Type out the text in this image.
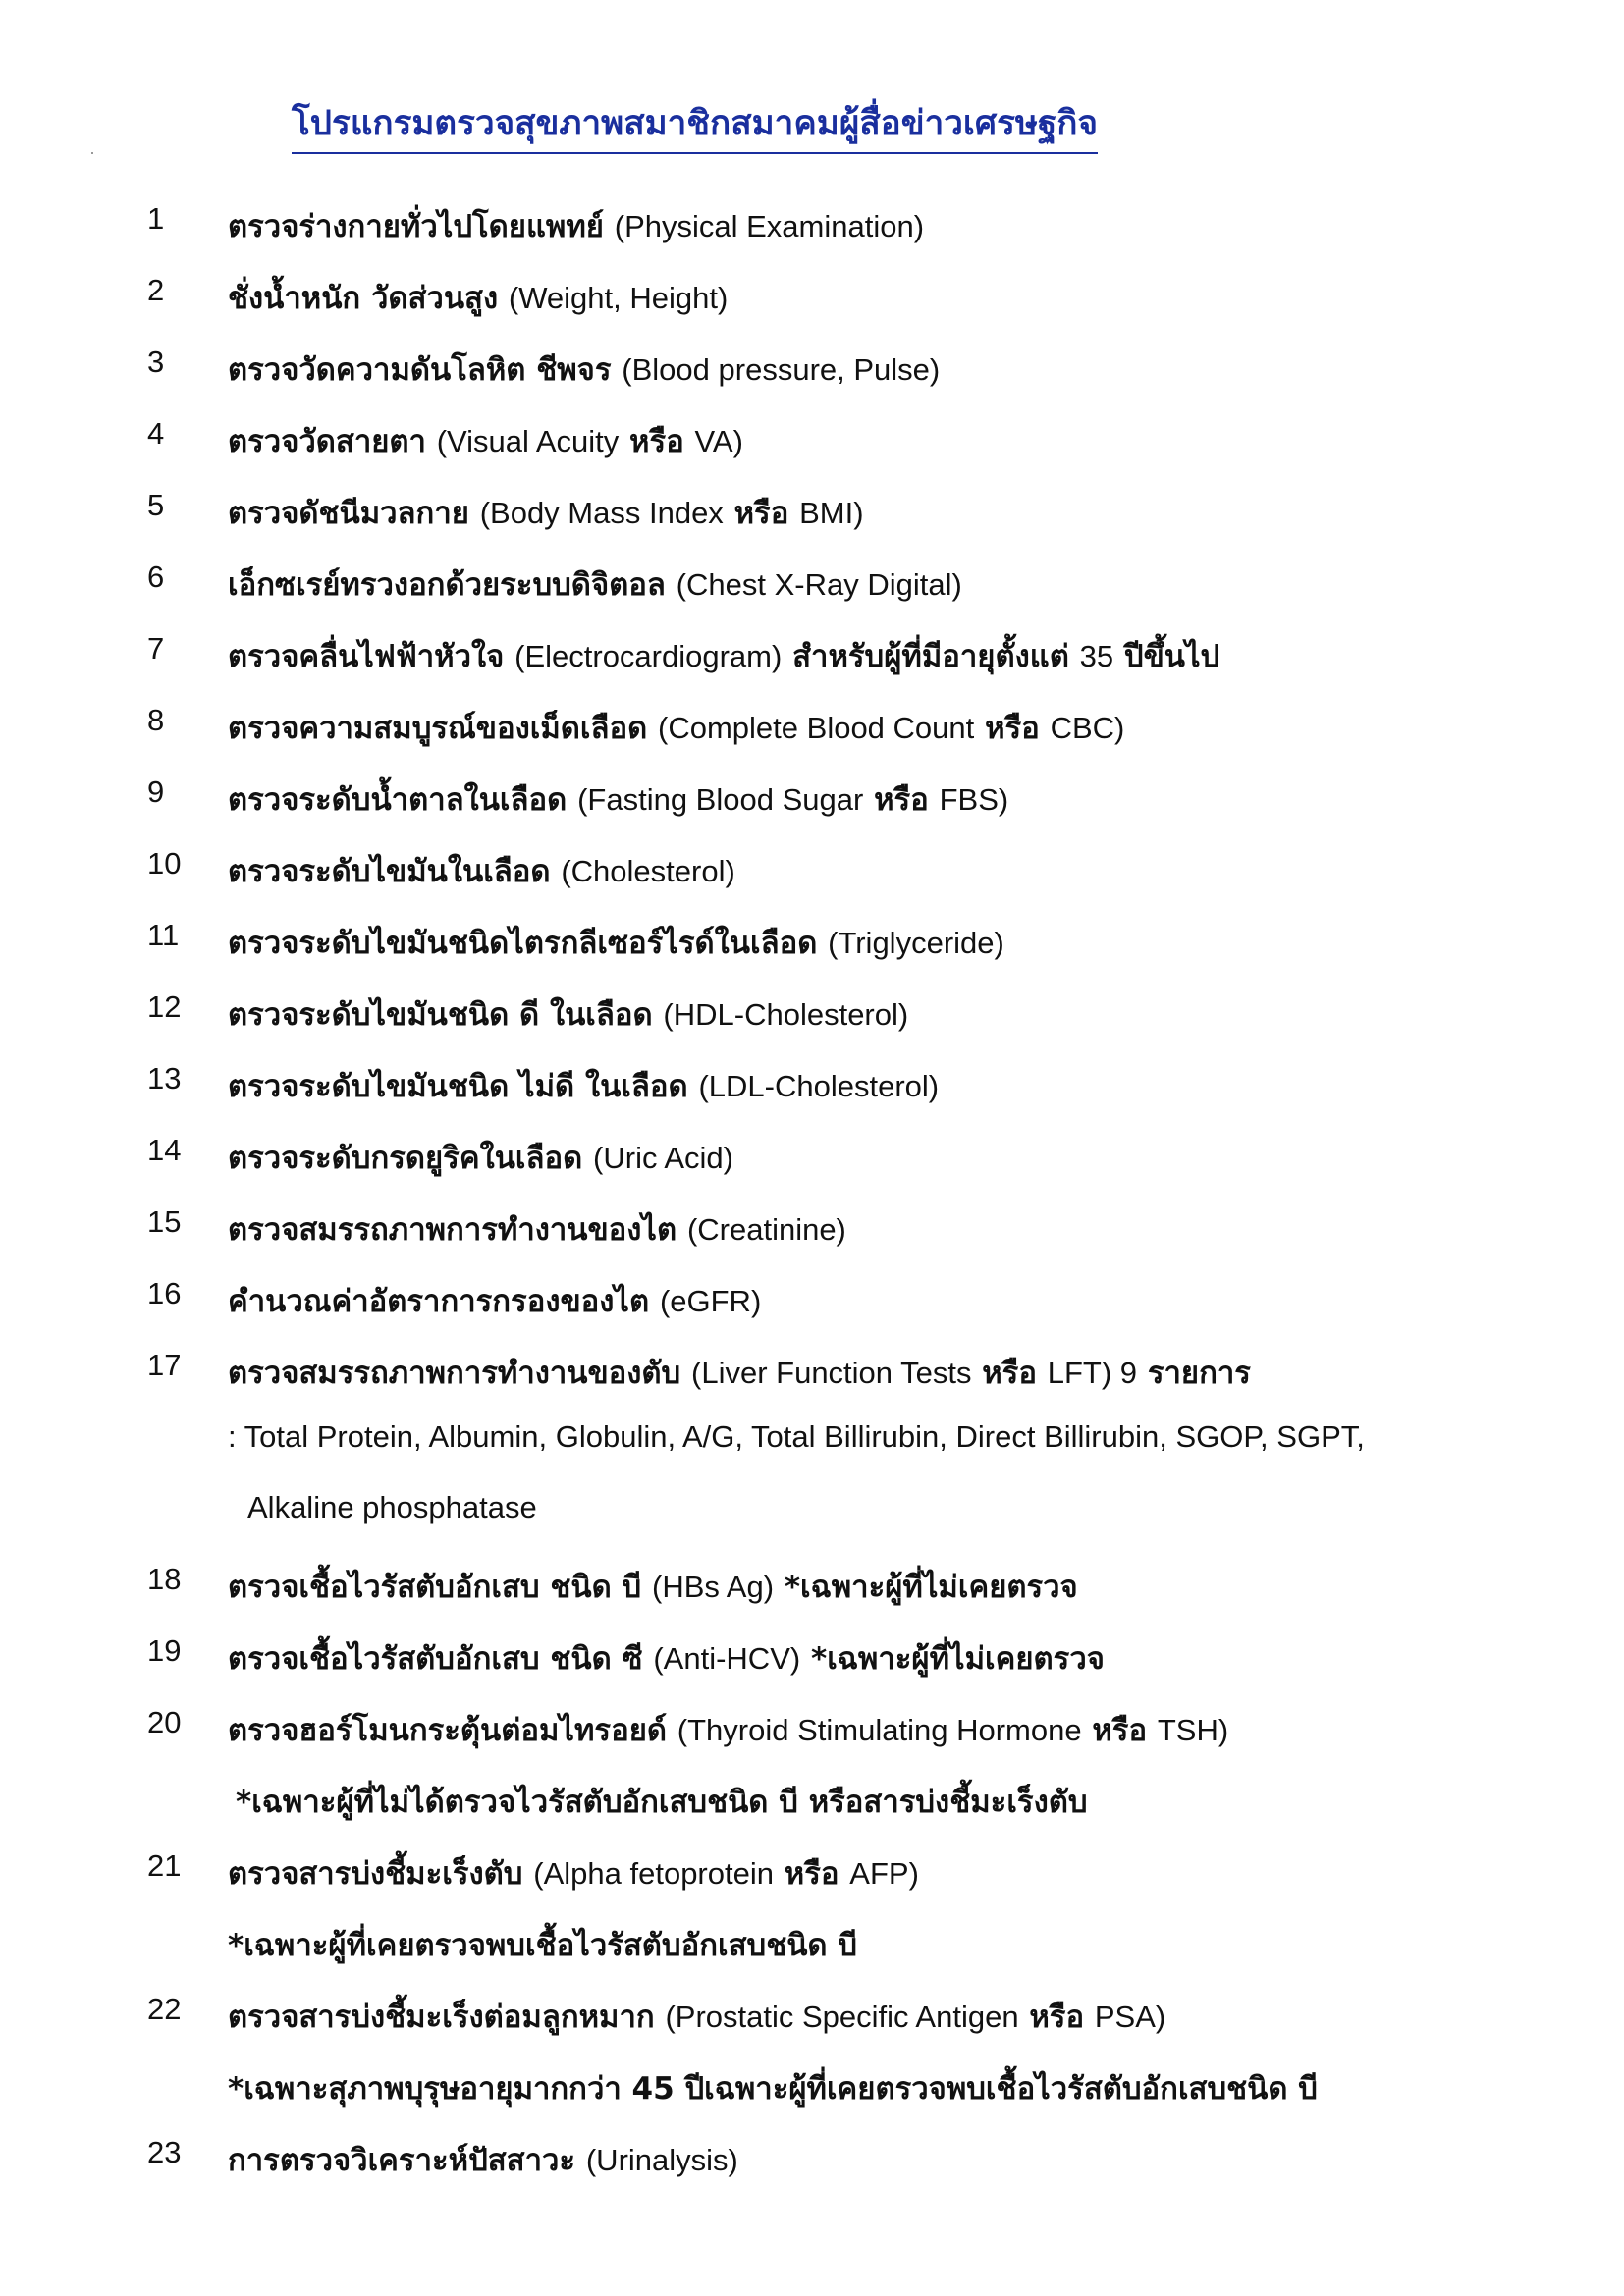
โปรแกรมตรวจสุขภาพสมาชิกสมาคมผู้สื่อข่าวเศรษฐกิจ
1	ตรวจร่างกายทั่วไปโดยแพทย์ (Physical Examination)
2	ชั่งน้ำหนัก วัดส่วนสูง (Weight, Height)
3	ตรวจวัดความดันโลหิต ชีพจร (Blood pressure, Pulse)
4	ตรวจวัดสายตา (Visual Acuity หรือ VA)
5	ตรวจดัชนีมวลกาย (Body Mass Index หรือ BMI)
6	เอ็กซเรย์ทรวงอกด้วยระบบดิจิตอล (Chest X-Ray Digital)
7	ตรวจคลื่นไฟฟ้าหัวใจ (Electrocardiogram) สำหรับผู้ที่มีอายุตั้งแต่ 35 ปีขึ้นไป
8	ตรวจความสมบูรณ์ของเม็ดเลือด (Complete Blood Count หรือ CBC)
9	ตรวจระดับน้ำตาลในเลือด (Fasting Blood Sugar หรือ FBS)
10	ตรวจระดับไขมันในเลือด (Cholesterol)
11	ตรวจระดับไขมันชนิดไตรกลีเซอร์ไรด์ในเลือด (Triglyceride)
12	ตรวจระดับไขมันชนิด ดี ในเลือด (HDL-Cholesterol)
13	ตรวจระดับไขมันชนิด ไม่ดี ในเลือด (LDL-Cholesterol)
14	ตรวจระดับกรดยูริคในเลือด (Uric Acid)
15	ตรวจสมรรถภาพการทำงานของไต (Creatinine)
16	คำนวณค่าอัตราการกรองของไต (eGFR)
17	ตรวจสมรรถภาพการทำงานของตับ (Liver Function Tests หรือ LFT) 9 รายการ
: Total Protein, Albumin, Globulin, A/G, Total Billirubin, Direct Billirubin, SGOP, SGPT,
Alkaline phosphatase
18	ตรวจเชื้อไวรัสตับอักเสบ ชนิด บี (HBs Ag) *เฉพาะผู้ที่ไม่เคยตรวจ
19	ตรวจเชื้อไวรัสตับอักเสบ ชนิด ซี (Anti-HCV) *เฉพาะผู้ที่ไม่เคยตรวจ
20	ตรวจฮอร์โมนกระตุ้นต่อมไทรอยด์ (Thyroid Stimulating Hormone หรือ TSH)
*เฉพาะผู้ที่ไม่ได้ตรวจไวรัสตับอักเสบชนิด บี หรือสารบ่งชี้มะเร็งตับ
21	ตรวจสารบ่งชี้มะเร็งตับ (Alpha fetoprotein หรือ AFP)
*เฉพาะผู้ที่เคยตรวจพบเชื้อไวรัสตับอักเสบชนิด บี
22	ตรวจสารบ่งชี้มะเร็งต่อมลูกหมาก (Prostatic Specific Antigen หรือ PSA)
*เฉพาะสุภาพบุรุษอายุมากกว่า 45 ปีเฉพาะผู้ที่เคยตรวจพบเชื้อไวรัสตับอักเสบชนิด บี
23	การตรวจวิเคราะห์ปัสสาวะ (Urinalysis)
